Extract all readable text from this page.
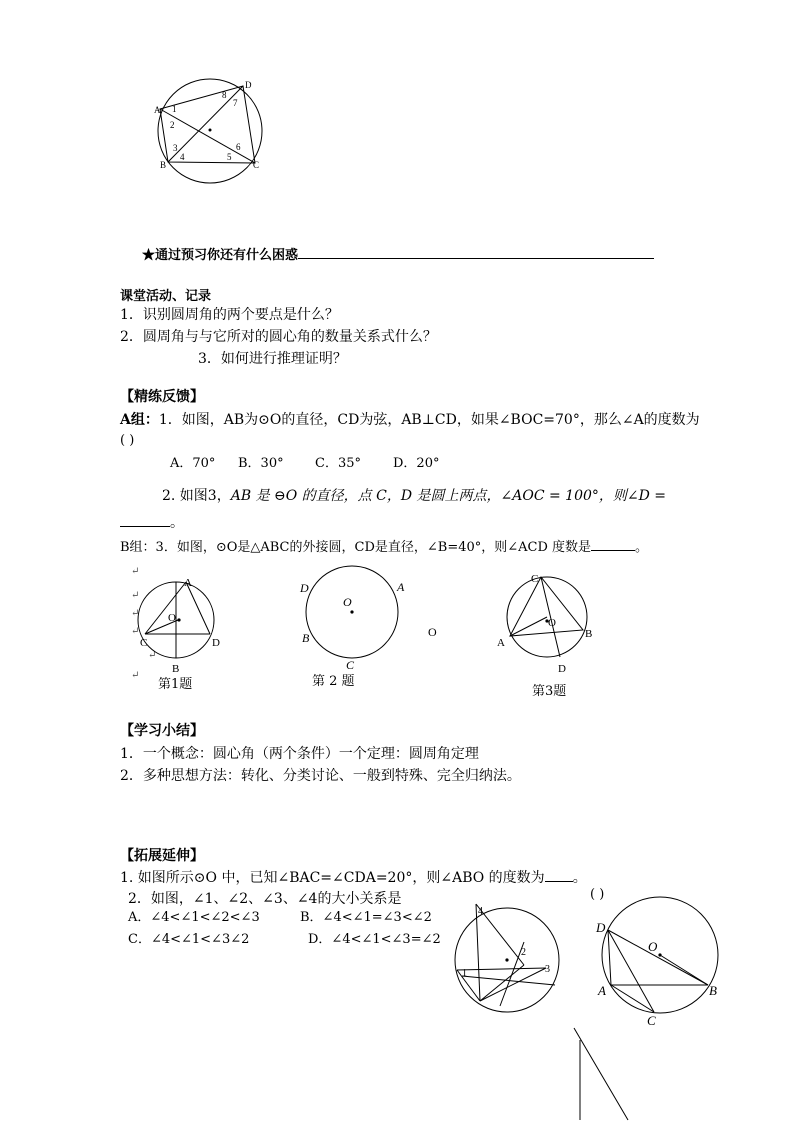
D
A
B	C
1
2
3
4	5
6
7
8
★通过预习你还有什么困惑
课堂活动、记录
1．识别圆周角的两个要点是什么？
2．圆周角与与它所对的圆心角的数量关系式什么？
3．如何进行推理证明？
【精练反馈】
A组：1．如图，AB为⊙O的直径，CD为弦，AB⊥CD，如果∠BOC=70°，那么∠A的度数为
( )
A．70° B．30° C．35° D．20°
2. 如图3，AB 是 ⊖O 的直径，点 C，D 是圆上两点，∠AOC = 100°，则∠D =
。
B组：3．如图，⊙O是△ABC的外接圆，CD是直径，∠B=40°，则∠ACD 度数是	。
↵
↵
↵
↵
↵
↵
A
O
C	D
B
第1题
O
D	A
B
C
O
第 2 题
C
O
A
B
D
第3题
【学习小结】
1．一个概念：圆心角（两个条件）一个定理：圆周角定理
2．多种思想方法：转化、分类讨论、一般到特殊、完全归纳法。
【拓展延伸】
1. 如图所示⊙O 中，已知∠BAC=∠CDA=20°，则∠ABO 的度数为 。
2．如图，∠1、∠2、∠3、∠4的大小关系是	( )
A．∠4<∠1<∠2<∠3	B．∠4<∠1=∠3<∠2
C．∠4<∠1<∠3∠2	D．∠4<∠1<∠3=∠2
4
2
1	3
O
D
A	B
C
